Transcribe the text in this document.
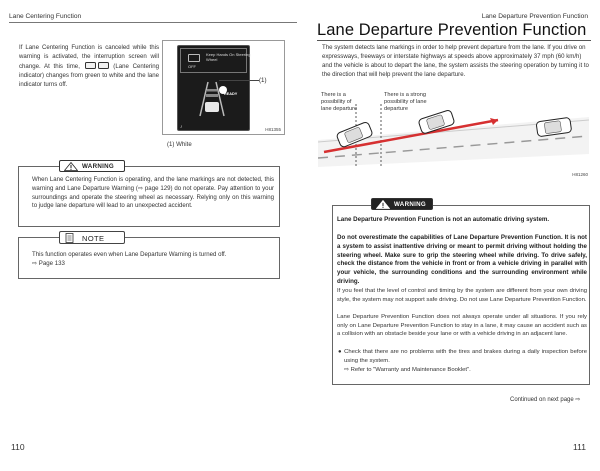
Lane Centering Function
If Lane Centering Function is canceled while this warning is activated, the interruption screen will change. At this time,	(Lane Centering indicator) changes from green to white and the lane indicator turns off.
OFF
Keep Hands On Steering Wheel
READY
♪
(1)
H81355
(1) White
WARNING
When Lane Centering Function is operating, and the lane markings are not detected, this warning and Lane Departure Warning (⇨ page 129) do not operate. Pay attention to your surroundings and operate the steering wheel as necessary. Relying only on this warning to judge lane departure will lead to an unexpected accident.
NOTE
This function operates even when Lane Departure Warning is turned off.
⇨ Page 133
110
Lane Departure Prevention Function
Lane Departure Prevention Function
The system detects lane markings in order to help prevent departure from the lane. If you drive on expressways, freeways or interstate highways at speeds above approximately 37 mph (60 km/h) and the vehicle is about to depart the lane, the system assists the steering operation by turning it to the direction that will help prevent the lane departure.
There is a possibility of lane departure
There is a strong possibility of lane departure
H81260
111
Continued on next page ⇨
WARNING
Lane Departure Prevention Function is not an automatic driving system.
Do not overestimate the capabilities of Lane Departure Prevention Function. It is not a system to assist inattentive driving or meant to permit driving without holding the steering wheel. Make sure to grip the steering wheel while driving. To drive safely, check the distance from the vehicle in front or from a vehicle driving in parallel with your vehicle, the surrounding conditions and the surrounding environment while driving.
If you feel that the level of control and timing by the system are different from your own driving style, the system may not support safe driving. Do not use Lane Departure Prevention Function.
Lane Departure Prevention Function does not always operate under all situations. If you rely only on Lane Departure Prevention Function to stay in a lane, it may cause an accident such as a collision with an obstacle beside your lane or with a vehicle driving in an adjacent lane.
● Check that there are no problems with the tires and brakes during a daily inspection before using the system.
⇨ Refer to "Warranty and Maintenance Booklet".
